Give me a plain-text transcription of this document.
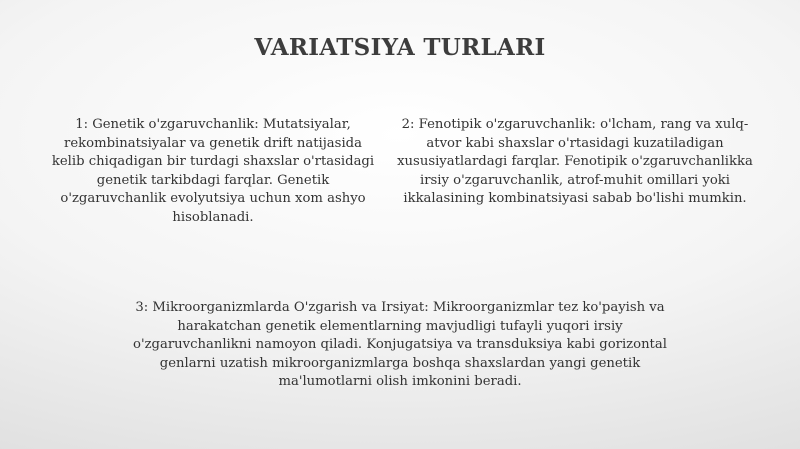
VARIATSIYA TURLARI
1: Genetik o'zgaruvchanlik: Mutatsiyalar, rekombinatsiyalar va genetik drift natijasida kelib chiqadigan bir turdagi shaxslar o'rtasidagi genetik tarkibdagi farqlar. Genetik o'zgaruvchanlik evolyutsiya uchun xom ashyo hisoblanadi.
2: Fenotipik o'zgaruvchanlik: o'lcham, rang va xulq-atvor kabi shaxslar o'rtasidagi kuzatiladigan xususiyatlardagi farqlar. Fenotipik o'zgaruvchanlikka irsiy o'zgaruvchanlik, atrof-muhit omillari yoki ikkalasining kombinatsiyasi sabab bo'lishi mumkin.
3: Mikroorganizmlarda O'zgarish va Irsiyat: Mikroorganizmlar tez ko'payish va harakatchan genetik elementlarning mavjudligi tufayli yuqori irsiy o'zgaruvchanlikni namoyon qiladi. Konjugatsiya va transduksiya kabi gorizontal genlarni uzatish mikroorganizmlarga boshqa shaxslardan yangi genetik ma'lumotlarni olish imkonini beradi.
